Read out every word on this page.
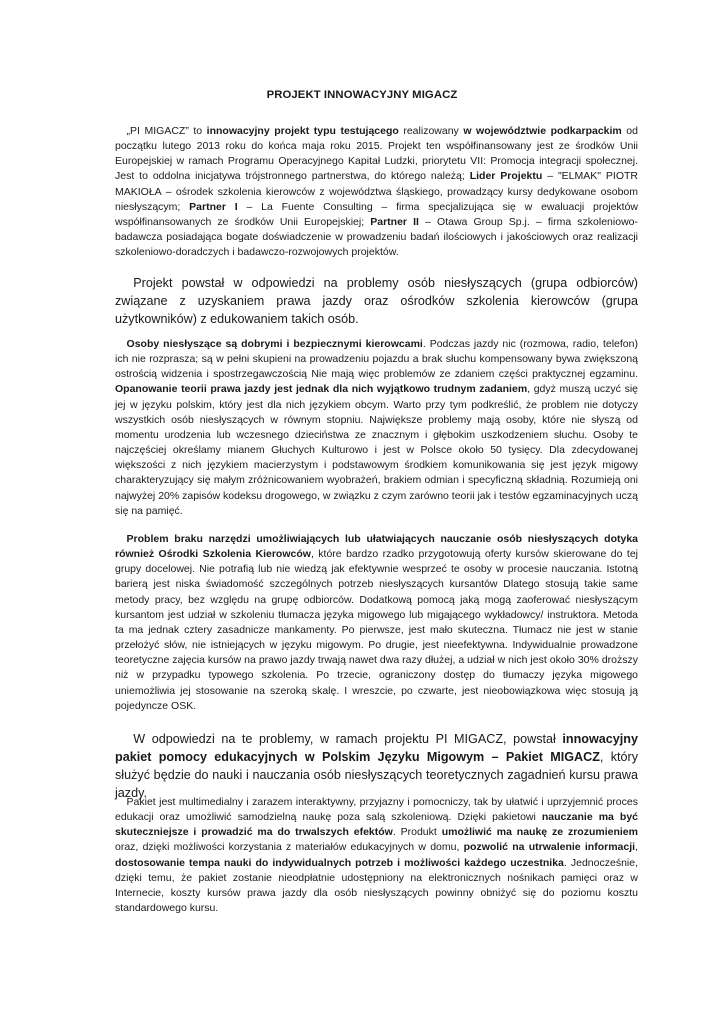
PROJEKT INNOWACYJNY MIGACZ

„PI MIGACZ” to innowacyjny projekt typu testującego realizowany w województwie podkarpackim od początku lutego 2013 roku do końca maja roku 2015. Projekt ten współfinansowany jest ze środków Unii Europejskiej w ramach Programu Operacyjnego Kapitał Ludzki, priorytetu VII: Promocja integracji społecznej. Jest to oddolna inicjatywa trójstronnego partnerstwa, do którego należą; Lider Projektu – "ELMAK" PIOTR MAKIOŁA – ośrodek szkolenia kierowców z województwa śląskiego, prowadzący kursy dedykowane osobom niesłyszącym; Partner I – La Fuente Consulting – firma specjalizująca się w ewaluacji projektów współfinansowanych ze środków Unii Europejskiej; Partner II – Otawa Group Sp.j. – firma szkoleniowo-badawcza posiadająca bogate doświadczenie w prowadzeniu badań ilościowych i jakościowych oraz realizacji szkoleniowo-doradczych i badawczo-rozwojowych projektów.

Projekt powstał w odpowiedzi na problemy osób niesłyszących (grupa odbiorców) związane z uzyskaniem prawa jazdy oraz ośrodków szkolenia kierowców (grupa użytkowników) z edukowaniem takich osób.

Osoby niesłyszące są dobrymi i bezpiecznymi kierowcami. Podczas jazdy nic (rozmowa, radio, telefon) ich nie rozprasza; są w pełni skupieni na prowadzeniu pojazdu a brak słuchu kompensowany bywa zwiększoną ostrością widzenia i spostrzegawczością Nie mają więc problemów ze zdaniem części praktycznej egzaminu. Opanowanie teorii prawa jazdy jest jednak dla nich wyjątkowo trudnym zadaniem, gdyż muszą uczyć się jej w języku polskim, który jest dla nich językiem obcym. Warto przy tym podkreślić, że problem nie dotyczy wszystkich osób niesłyszących w równym stopniu. Największe problemy mają osoby, które nie słyszą od momentu urodzenia lub wczesnego dzieciństwa ze znacznym i głębokim uszkodzeniem słuchu. Osoby te najczęściej określamy mianem Głuchych Kulturowo i jest w Polsce około 50 tysięcy. Dla zdecydowanej większości z nich językiem macierzystym i podstawowym środkiem komunikowania się jest język migowy charakteryzujący się małym zróżnicowaniem wyobrażeń, brakiem odmian i specyficzną składnią. Rozumieją oni najwyżej 20% zapisów kodeksu drogowego, w związku z czym zarówno teorii jak i testów egzaminacyjnych uczą się na pamięć.

Problem braku narzędzi umożliwiających lub ułatwiających nauczanie osób niesłyszących dotyka również Ośrodki Szkolenia Kierowców, które bardzo rzadko przygotowują oferty kursów skierowane do tej grupy docelowej. Nie potrafią lub nie wiedzą jak efektywnie wesprzeć te osoby w procesie nauczania. Istotną barierą jest niska świadomość szczególnych potrzeb niesłyszących kursantów Dlatego stosują takie same metody pracy, bez względu na grupę odbiorców. Dodatkową pomocą jaką mogą zaoferować niesłyszącym kursantom jest udział w szkoleniu tłumacza języka migowego lub migającego wykładowcy/ instruktora. Metoda ta ma jednak cztery zasadnicze mankamenty. Po pierwsze, jest mało skuteczna. Tłumacz nie jest w stanie przełożyć słów, nie istniejących w języku migowym. Po drugie, jest nieefektywna. Indywidualnie prowadzone teoretyczne zajęcia kursów na prawo jazdy trwają nawet dwa razy dłużej, a udział w nich jest około 30% droższy niż w przypadku typowego szkolenia. Po trzecie, ograniczony dostęp do tłumaczy języka migowego uniemożliwia jej stosowanie na szeroką skalę. I wreszcie, po czwarte, jest nieobowiązkowa więc stosują ją pojedyncze OSK.

W odpowiedzi na te problemy, w ramach projektu PI MIGACZ, powstał innowacyjny pakiet pomocy edukacyjnych w Polskim Języku Migowym – Pakiet MIGACZ, który służyć będzie do nauki i nauczania osób niesłyszących teoretycznych zagadnień kursu prawa jazdy.

Pakiet jest multimedialny i zarazem interaktywny, przyjazny i pomocniczy, tak by ułatwić i uprzyjemnić proces edukacji oraz umożliwić samodzielną naukę poza salą szkoleniową. Dzięki pakietowi nauczanie ma być skuteczniejsze i prowadzić ma do trwalszych efektów. Produkt umożliwić ma naukę ze zrozumieniem oraz, dzięki możliwości korzystania z materiałów edukacyjnych w domu, pozwolić na utrwalenie informacji, dostosowanie tempa nauki do indywidualnych potrzeb i możliwości każdego uczestnika. Jednocześnie, dzięki temu, że pakiet zostanie nieodpłatnie udostępniony na elektronicznych nośnikach pamięci oraz w Internecie, koszty kursów prawa jazdy dla osób niesłyszących powinny obniżyć się do poziomu kosztu standardowego kursu.
